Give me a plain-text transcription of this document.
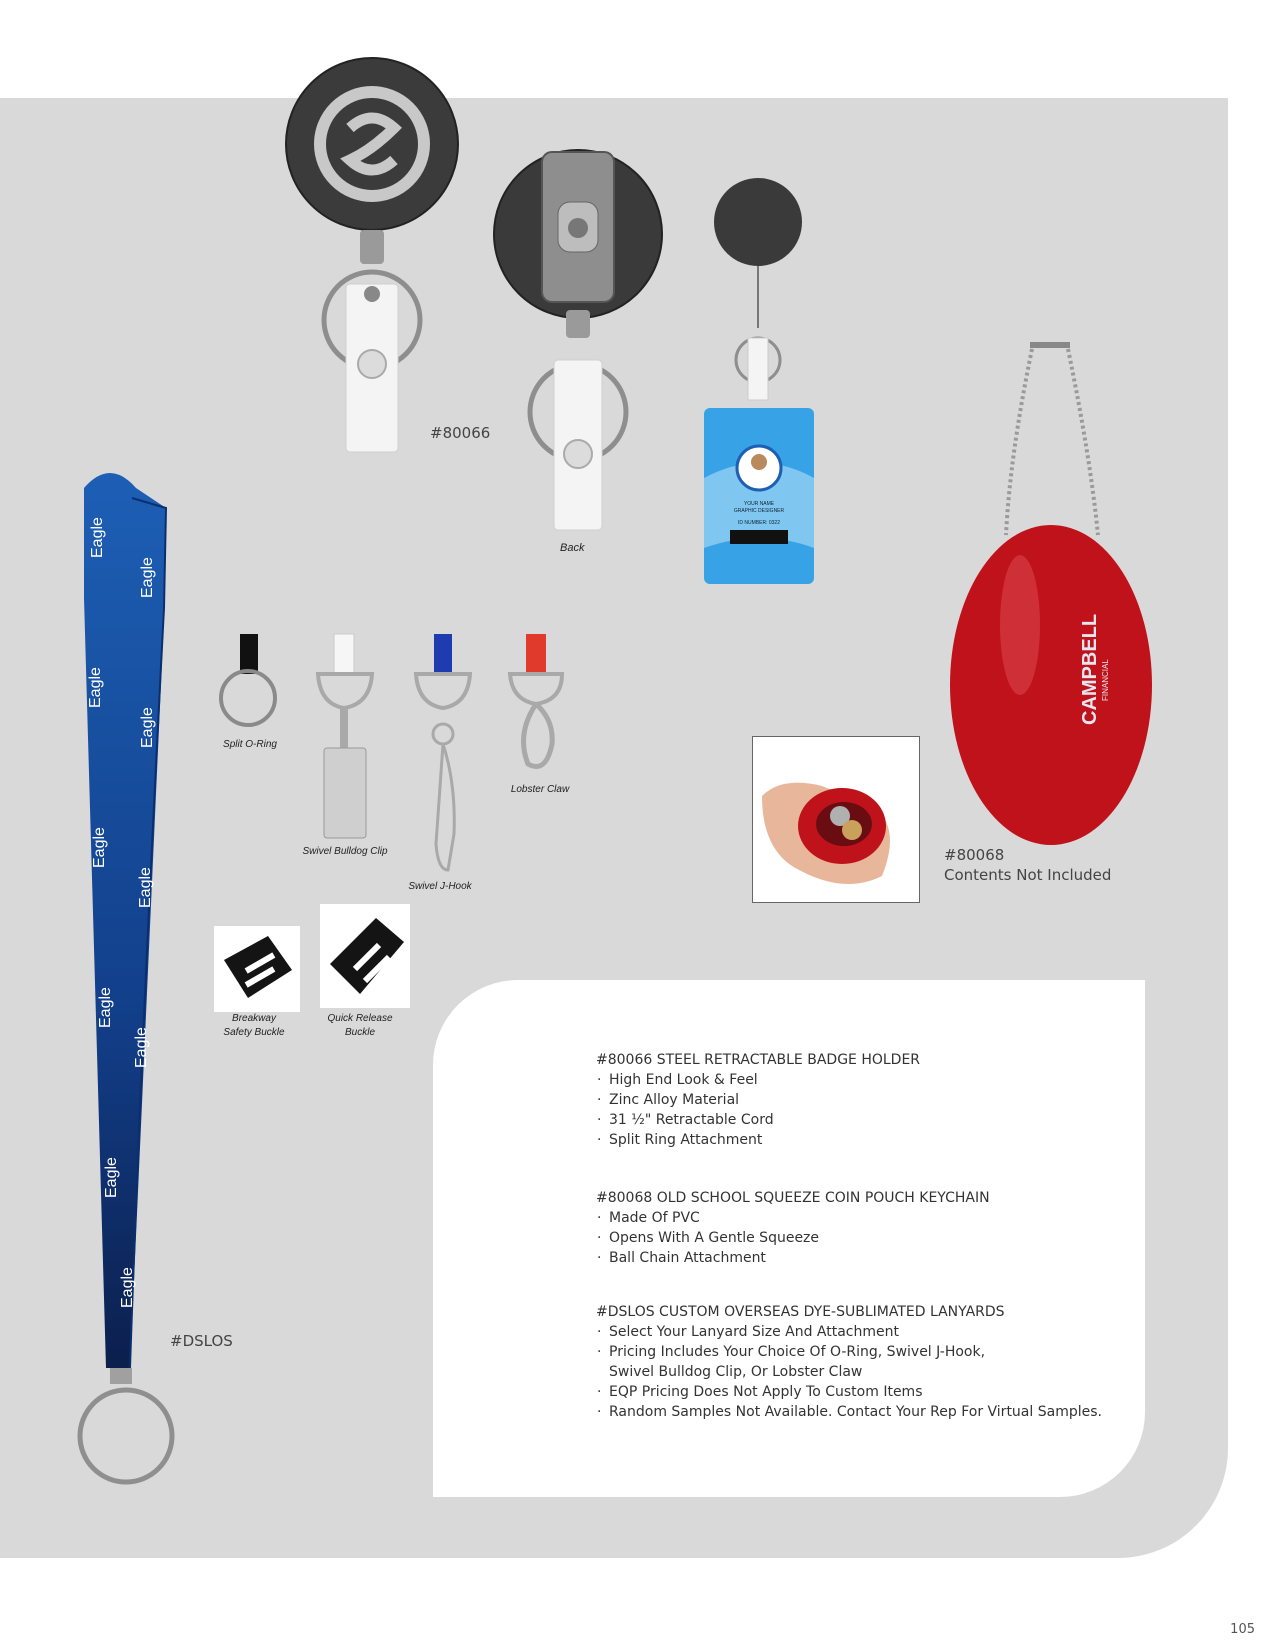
YOUR NAME
GRAPHIC DESIGNER
ID NUMBER: 0322
#80066
Back
CAMPBELL FINANCIAL
#80068
Contents Not Included
Eagle
Eagle
Eagle
Eagle
Eagle
Eagle
Eagle
Eagle
Eagle
Eagle
#DSLOS
Split O-Ring
Swivel Bulldog Clip
Swivel J-Hook
Lobster Claw
Breakway
Safety Buckle
Quick Release
Buckle

#80066 STEEL RETRACTABLE BADGE HOLDER

· High End Look & Feel
· Zinc Alloy Material
· 31 ½" Retractable Cord
· Split Ring Attachment

#80068 OLD SCHOOL SQUEEZE COIN POUCH KEYCHAIN

· Made Of PVC
· Opens With A Gentle Squeeze
· Ball Chain Attachment

#DSLOS CUSTOM OVERSEAS DYE-SUBLIMATED LANYARDS

· Select Your Lanyard Size And Attachment
· Pricing Includes Your Choice Of O-Ring, Swivel J-Hook,
Swivel Bulldog Clip, Or Lobster Claw
· EQP Pricing Does Not Apply To Custom Items
· Random Samples Not Available. Contact Your Rep For Virtual Samples.
105
